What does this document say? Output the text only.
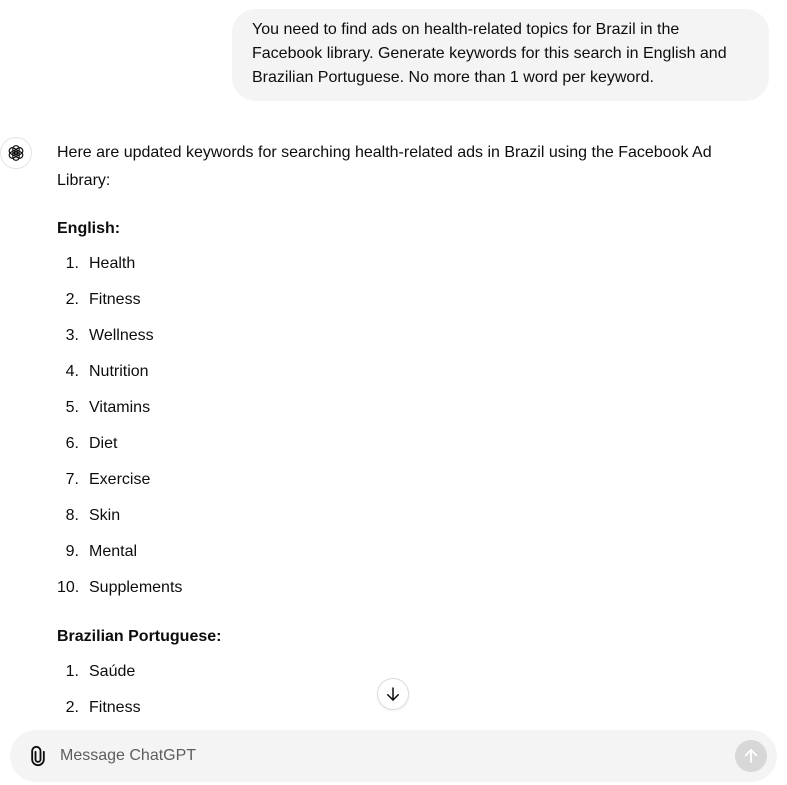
You need to find ads on health-related topics for Brazil in the
Facebook library. Generate keywords for this search in English and
Brazilian Portuguese. No more than 1 word per keyword.

Here are updated keywords for searching health-related ads in Brazil using the Facebook Ad
Library:

English:

1. Health
2. Fitness
3. Wellness
4. Nutrition
5. Vitamins
6. Diet
7. Exercise
8. Skin
9. Mental
10. Supplements

Brazilian Portuguese:

1. Saúde
2. Fitness
Message ChatGPT
